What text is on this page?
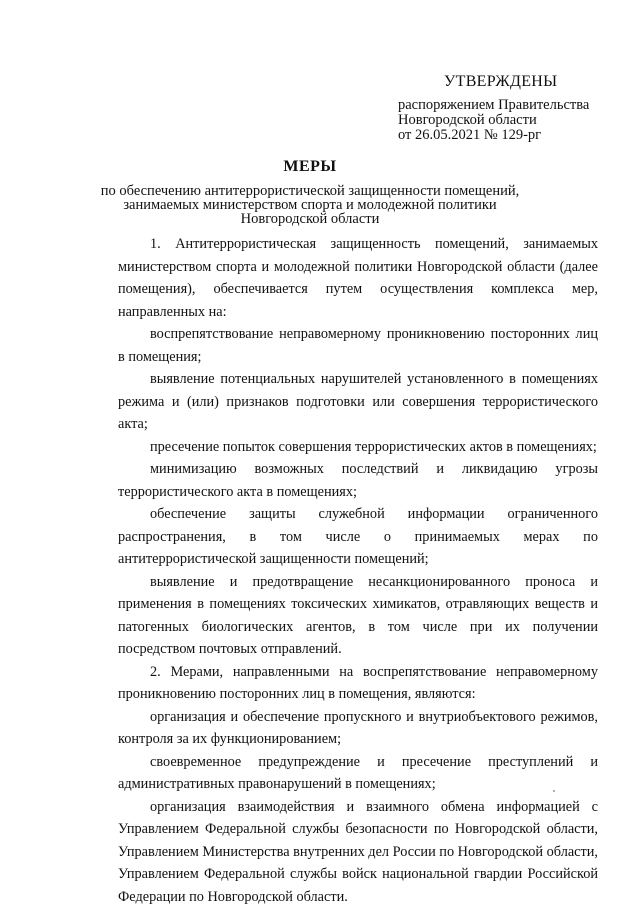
УТВЕРЖДЕНЫ
распоряжением Правительства
Новгородской области
от 26.05.2021 № 129-рг
МЕРЫ
по обеспечению антитеррористической защищенности помещений,
занимаемых министерством спорта и молодежной политики
Новгородской области

1. Антитеррористическая защищенность помещений, занимаемых министерством спорта и молодежной политики Новгородской области (далее помещения), обеспечивается путем осуществления комплекса мер, направленных на:

воспрепятствование неправомерному проникновению посторонних лиц в помещения;

выявление потенциальных нарушителей установленного в помещениях режима и (или) признаков подготовки или совершения террористического акта;

пресечение попыток совершения террористических актов в помещениях;

минимизацию возможных последствий и ликвидацию угрозы террористического акта в помещениях;

обеспечение защиты служебной информации ограниченного распространения, в том числе о принимаемых мерах по антитеррористической защищенности помещений;

выявление и предотвращение несанкционированного проноса и применения в помещениях токсических химикатов, отравляющих веществ и патогенных биологических агентов, в том числе при их получении посредством почтовых отправлений.

2. Мерами, направленными на воспрепятствование неправомерному проникновению посторонних лиц в помещения, являются:

организация и обеспечение пропускного и внутриобъектового режимов, контроля за их функционированием;

своевременное предупреждение и пресечение преступлений и административных правонарушений в помещениях;

организация взаимодействия и взаимного обмена информацией с Управлением Федеральной службы безопасности по Новгородской области, Управлением Министерства внутренних дел России по Новгородской области, Управлением Федеральной службы войск национальной гвардии Российской Федерации по Новгородской области.
